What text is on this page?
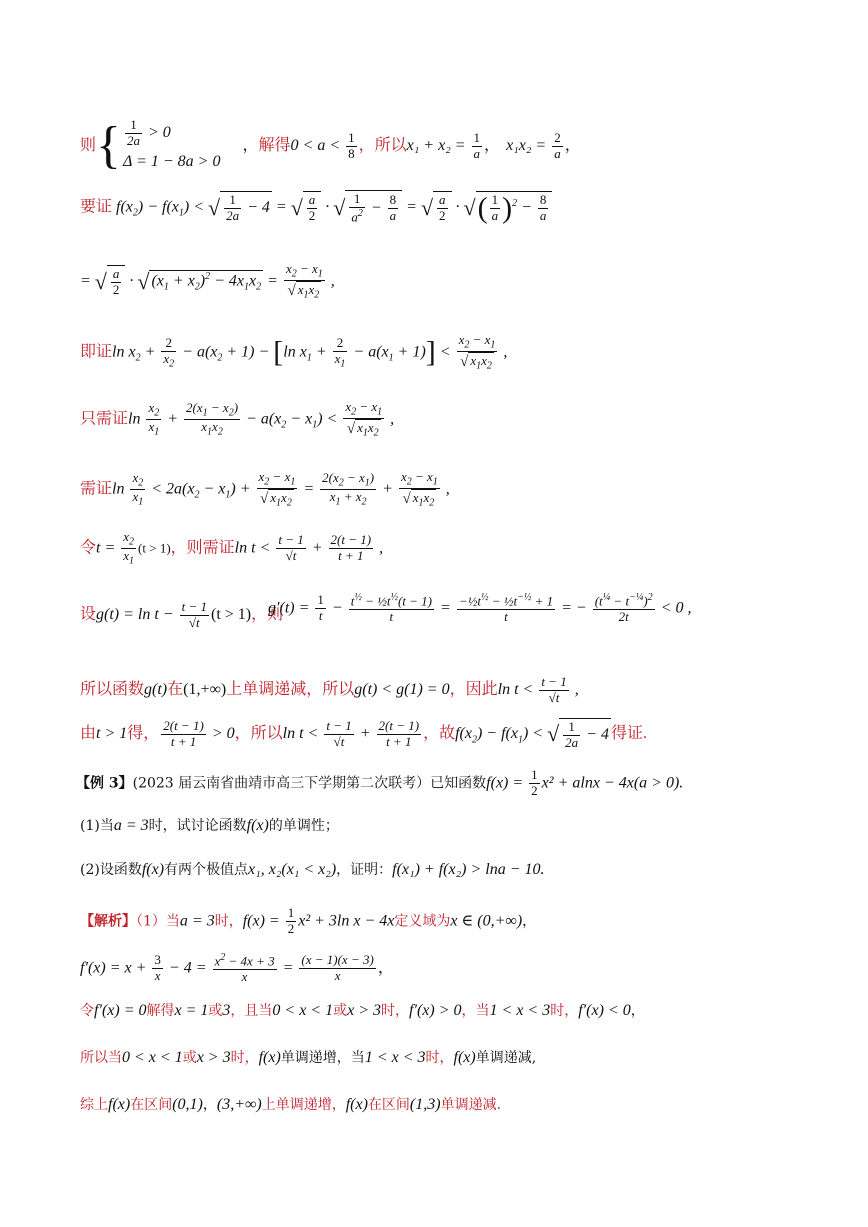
则{ $\frac{1}{2a} > 0$
Δ = 1 − 8a > 0
，解得$0 < a < \frac{1}{8}$ ，所以$x_1 + x_2 = \frac{1}{a}$ ， $x_1x_2 = \frac{2}{a}$ ，
要证 $f(x_2) - f(x_1)$ < √ $\frac{1}{2a} - 4$ = √ $\frac{a}{2}$ · √ $\frac{1}{a^2} - \frac{8}{a}$ = √ $\frac{a}{2}$ · √( $\frac{1}{a} )^2 - \frac{8}{a}$
= √ $\frac{a}{2}$ · √ $(x_1 + x_2)^2 - 4x_1x_2 = \frac{x_2 - x_1}{√ x_1x_2}$ ,
即证$\ln x_2 + \frac{2}{x_2} - a(x_2 + 1) - [\ln$ $x_1 + \frac{2}{x_1} - a(x_1 + 1)] < \frac{x_2 - x_1}{√ x_1x_2}$ ,
只需证$\ln \frac{x_2}{x_1} + \frac{2(x_1 - x_2)}{x_1x_2} - a(x_2 - x_1) < \frac{x_2 - x_1}{√ x_1x_2}$ ,
需证$\ln \frac{x_2}{x_1} < 2a(x_2 - x_1) + \frac{x_2 - x_1}{√ x_1x_2} = \frac{2(x_2 - x_1)}{x_1 + x_2} + \frac{x_2 - x_1}{√ x_1x_2}$ ,
令$t = \frac{x_2}{x_1} (t > 1)$，则需证$\ln t < \frac{t - 1}{√t} + \frac{2(t - 1)}{t + 1}$ ,
设$g(t) = \ln t - \frac{t - 1}{√t} (t > 1)$，则
$g'(t) = \frac{1}{t} - \frac{t^{\frac{1}{2}} - \frac{1}{2}t^{\frac{1}{2}}(t - 1)}{t} = \frac{-\frac{1}{2}t^{\frac{1}{2}} - \frac{1}{2}t^{-\frac{1}{2}} + 1}{t}$ = − $\frac{(t^{\frac{1}{4}} - t^{-\frac{1}{4}})^2}{2t} < 0$ ,
所以函数g(t)在(1,+∞)上单调递减，所以g(t) < g(1) = 0，因此$\ln t < \frac{t - 1}{√t}$ ,
由t > 1得， $\frac{2(t - 1)}{t + 1} > 0$，所以$\ln t < \frac{t - 1}{√t} + \frac{2(t - 1)}{t + 1}$ ，故$f(x_2) - f(x_1)$ < √ $\frac{1}{2a} - 4$ 得证.
【例 3】(2023 届云南省曲靖市高三下学期第二次联考）已知函数$f(x) = \frac{1}{2} x^2 + alnx - 4x(a > 0)$.
(1)当a = 3时，试讨论函数f(x)的单调性；
(2)设函数f(x)有两个极值点x₁, x₂(x₁ < x₂)，证明：f(x₁) + f(x₂) > lna − 10.
【解析】（1）当a = 3时，$f(x) = \frac{1}{2} x^2 + 3\ln$ x − 4x定义域为x ∈ (0,+∞)，
$f'(x) = x + \frac{3}{x} - 4 = \frac{x^2 - 4x + 3}{x} = \frac{(x - 1)(x - 3)}{x}$ ，
令f′(x) = 0解得x = 1或3，且当0 < x < 1或x > 3时，f′(x) > 0，当1 < x < 3时，f′(x) < 0，
所以当0 < x < 1或x > 3时，f(x)单调递增，当1 < x < 3时，f(x)单调递减,
综上f(x)在区间(0,1)，(3,+∞)上单调递增，f(x)在区间(1,3)单调递减.
